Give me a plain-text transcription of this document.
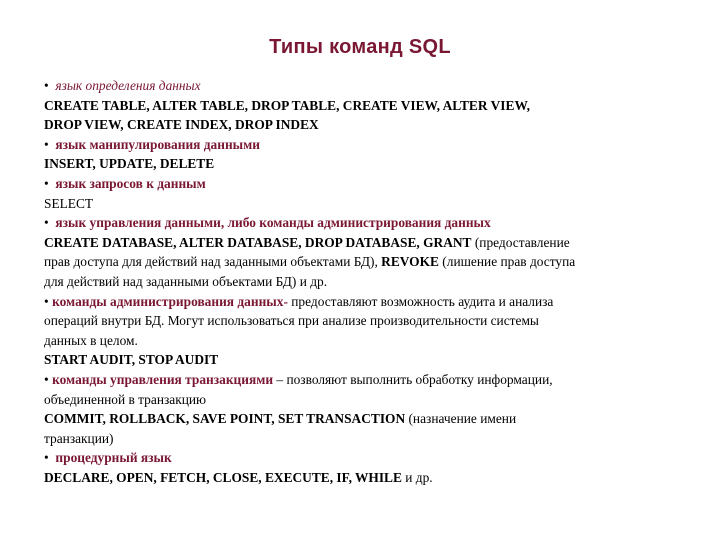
Типы команд SQL
• язык определения данных
CREATE TABLE, ALTER TABLE, DROP TABLE, CREATE VIEW, ALTER VIEW,
DROP VIEW, CREATE INDEX, DROP INDEX
• язык манипулирования данными
INSERT, UPDATE, DELETE
• язык запросов к данным
SELECT
• язык управления данными, либо команды администрирования данных
CREATE DATABASE, ALTER DATABASE, DROP DATABASE, GRANT (предоставление
прав доступа для действий над заданными объектами БД), REVOKE (лишение прав доступа
для действий над заданными объектами БД) и др.
• команды администрирования данных- предоставляют возможность аудита и анализа
операций внутри БД. Могут использоваться при анализе производительности системы
данных в целом.
START AUDIT, STOP AUDIT
• команды управления транзакциями – позволяют выполнить обработку информации,
объединенной в транзакцию
COMMIT, ROLLBACK, SAVE POINT, SET TRANSACTION (назначение имени
транзакции)
• процедурный язык
DECLARE, OPEN, FETCH, CLOSE, EXECUTE, IF, WHILE и др.
